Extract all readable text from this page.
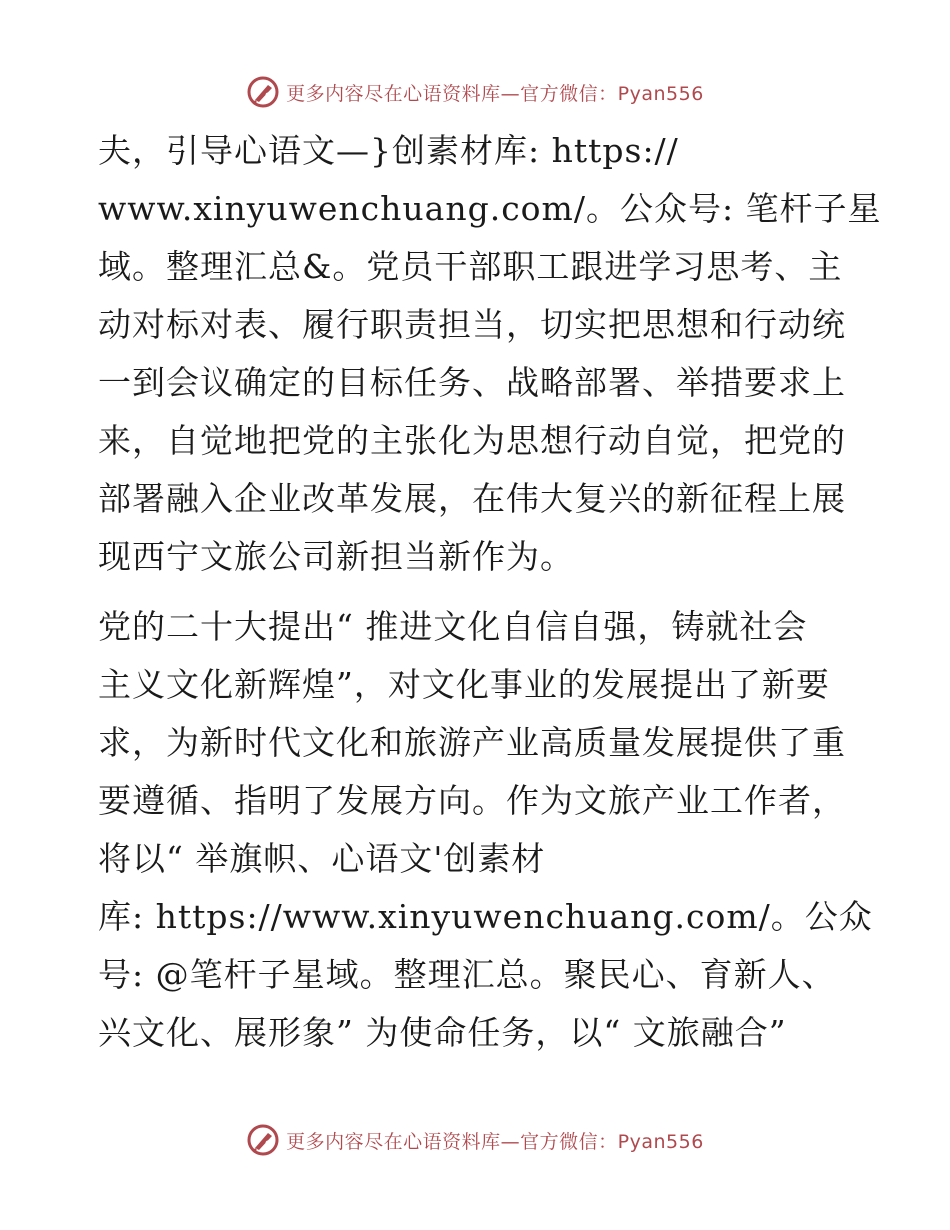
更多内容尽在心语资料库—官方微信：Pyan556
夫，引导心语文—}创素材库: https://
www.xinyuwenchuang.com/。公众号: 笔杆子星
域。整理汇总&。党员干部职工跟进学习思考、主
动对标对表、履行职责担当，切实把思想和行动统
一到会议确定的目标任务、战略部署、举措要求上
来，自觉地把党的主张化为思想行动自觉，把党的
部署融入企业改革发展，在伟大复兴的新征程上展
现西宁文旅公司新担当新作为。
党的二十大提出“ 推进文化自信自强，铸就社会
主义文化新辉煌”，对文化事业的发展提出了新要
求，为新时代文化和旅游产业高质量发展提供了重
要遵循、指明了发展方向。作为文旅产业工作者，
将以“ 举旗帜、心语文'创素材
库: https://www.xinyuwenchuang.com/。公众
号: @笔杆子星域。整理汇总。聚民心、育新人、
兴文化、展形象” 为使命任务，以“ 文旅融合”
更多内容尽在心语资料库—官方微信：Pyan556
